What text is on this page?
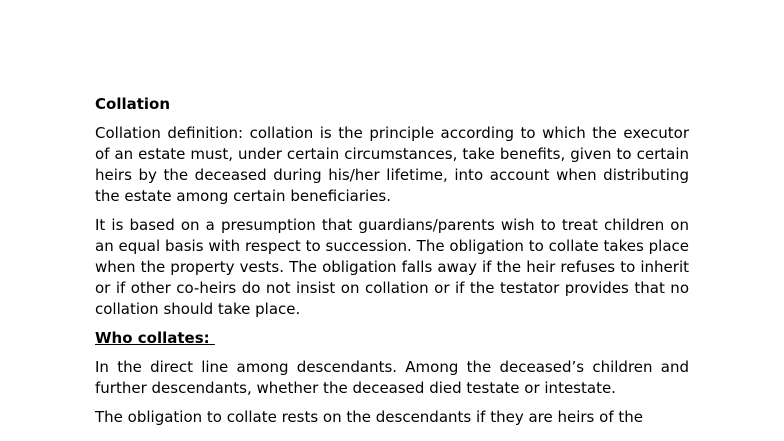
Collation

Collation definition: collation is the principle according to which the executor of an estate must, under certain circumstances, take benefits, given to certain heirs by the deceased during his/her lifetime, into account when distributing the estate among certain beneficiaries.

It is based on a presumption that guardians/parents wish to treat children on an equal basis with respect to succession. The obligation to collate takes place when the property vests. The obligation falls away if the heir refuses to inherit or if other co-heirs do not insist on collation or if the testator provides that no collation should take place.

Who collates:

In the direct line among descendants. Among the deceased’s children and further descendants, whether the deceased died testate or intestate.

The obligation to collate rests on the descendants if they are heirs of the
